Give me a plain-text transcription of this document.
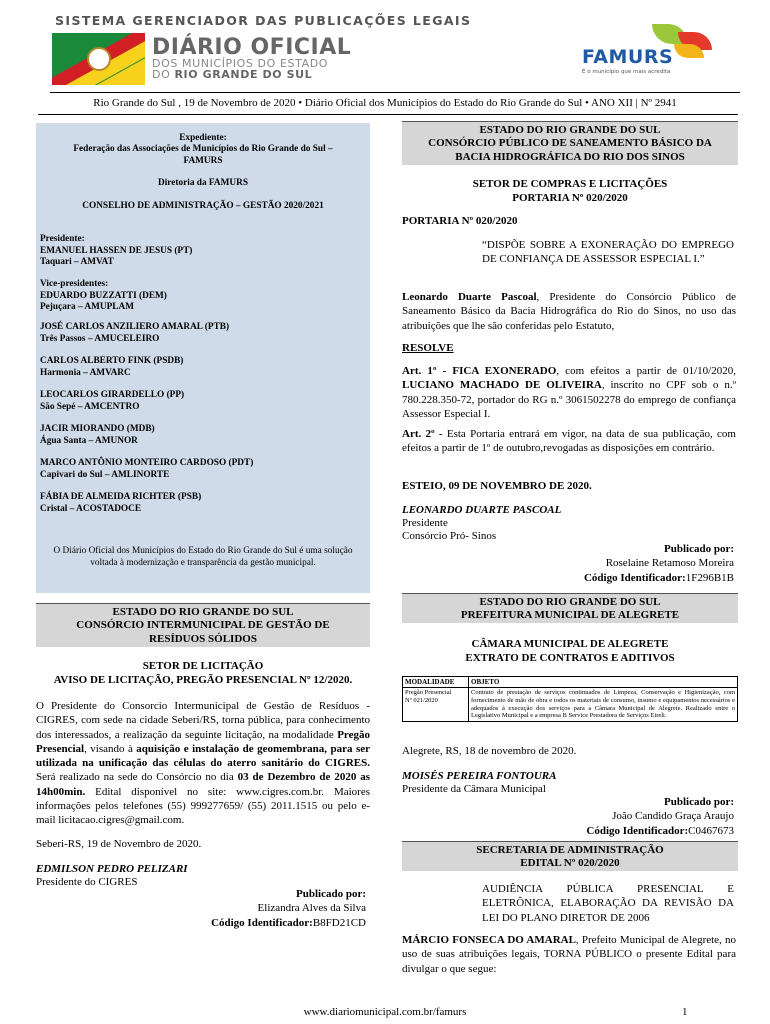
SISTEMA GERENCIADOR DAS PUBLICAÇÕES LEGAIS
DIÁRIO OFICIAL
DOS MUNICÍPIOS DO ESTADO
DO RIO GRANDE DO SUL
FAMURS
É o município que mais acredita
Rio Grande do Sul , 19 de Novembro de 2020 • Diário Oficial dos Municípios do Estado do Rio Grande do Sul • ANO XII | Nº 2941
Expediente:
Federação das Associações de Municípios do Rio Grande do Sul – FAMURS
Diretoria da FAMURS
CONSELHO DE ADMINISTRAÇÃO – GESTÃO 2020/2021
Presidente:
EMANUEL HASSEN DE JESUS (PT)
Taquari – AMVAT
Vice-presidentes:
EDUARDO BUZZATTI (DEM)
Pejuçara – AMUPLAM
JOSÉ CARLOS ANZILIERO AMARAL (PTB)
Três Passos – AMUCELEIRO
CARLOS ALBERTO FINK (PSDB)
Harmonia – AMVARC
LEOCARLOS GIRARDELLO (PP)
São Sepé – AMCENTRO
JACIR MIORANDO (MDB)
Água Santa – AMUNOR
MARCO ANTÔNIO MONTEIRO CARDOSO (PDT)
Capivari do Sul – AMLINORTE
FÁBIA DE ALMEIDA RICHTER (PSB)
Cristal – ACOSTADOCE
O Diário Oficial dos Municípios do Estado do Rio Grande do Sul é uma solução voltada à modernização e transparência da gestão municipal.
ESTADO DO RIO GRANDE DO SUL
CONSÓRCIO INTERMUNICIPAL DE GESTÃO DE
RESÍDUOS SÓLIDOS
SETOR DE LICITAÇÃO
AVISO DE LICITAÇÃO, PREGÃO PRESENCIAL Nº 12/2020.
O Presidente do Consorcio Intermunicipal de Gestão de Resíduos - CIGRES, com sede na cidade Seberi/RS, torna pública, para conhecimento dos interessados, a realização da seguinte licitação, na modalidade Pregão Presencial, visando à aquisição e instalação de geomembrana, para ser utilizada na unificação das células do aterro sanitário do CIGRES. Será realizado na sede do Consórcio no dia 03 de Dezembro de 2020 as 14h00min. Edital disponível no site: www.cigres.com.br. Maiores informações pelos telefones (55) 999277659/ (55) 2011.1515 ou pelo e-mail licitacao.cigres@gmail.com.
Seberi-RS, 19 de Novembro de 2020.
EDMILSON PEDRO PELIZARI
Presidente do CIGRES
Publicado por:
Elizandra Alves da Silva
Código Identificador:B8FD21CD
ESTADO DO RIO GRANDE DO SUL
CONSÓRCIO PÚBLICO DE SANEAMENTO BÁSICO DA
BACIA HIDROGRÁFICA DO RIO DOS SINOS
SETOR DE COMPRAS E LICITAÇÕES
PORTARIA Nº 020/2020
PORTARIA Nº 020/2020
“DISPÕE SOBRE A EXONERAÇÃO DO EMPREGO DE CONFIANÇA DE ASSESSOR ESPECIAL I.”
Leonardo Duarte Pascoal, Presidente do Consórcio Público de Saneamento Básico da Bacia Hidrográfica do Rio do Sinos, no uso das atribuições que lhe são conferidas pelo Estatuto,
RESOLVE
Art. 1º - FICA EXONERADO, com efeitos a partir de 01/10/2020, LUCIANO MACHADO DE OLIVEIRA, inscrito no CPF sob o n.º 780.228.350-72, portador do RG n.º 3061502278 do emprego de confiança Assessor Especial I.
Art. 2º - Esta Portaria entrará em vigor, na data de sua publicação, com efeitos a partir de 1º de outubro,revogadas as disposições em contrário.
ESTEIO, 09 DE NOVEMBRO DE 2020.
LEONARDO DUARTE PASCOAL
Presidente
Consórcio Pró- Sinos
Publicado por:
Roselaine Retamoso Moreira
Código Identificador:1F296B1B
ESTADO DO RIO GRANDE DO SUL
PREFEITURA MUNICIPAL DE ALEGRETE
CÂMARA MUNICIPAL DE ALEGRETE
EXTRATO DE CONTRATOS E ADITIVOS
MODALIDADE	OBJETO

Pregão Presencial
Nº 021/2020	Contrato de prestação de serviços continuados de Limpeza, Conservação e Higienização, com fornecimento de mão de obra e todos os materiais de consumo, insumo e equipamentos necessários e adequados à execução dos serviços para a Câmara Municipal de Alegrete. Realizado entre o Legislativo Municipal e a empresa B Service Prestadora de Serviços Eireli.
Alegrete, RS, 18 de novembro de 2020.
MOISÉS PEREIRA FONTOURA
Presidente da Câmara Municipal
Publicado por:
João Candido Graça Araujo
Código Identificador:C0467673
SECRETARIA DE ADMINISTRAÇÃO
EDITAL Nº 020/2020
AUDIÊNCIA PÚBLICA PRESENCIAL E ELETRÔNICA, ELABORAÇÃO DA REVISÃO DA LEI DO PLANO DIRETOR DE 2006
MÁRCIO FONSECA DO AMARAL, Prefeito Municipal de Alegrete, no uso de suas atribuições legais, TORNA PÚBLICO o presente Edital para divulgar o que segue:
www.diariomunicipal.com.br/famurs	1
